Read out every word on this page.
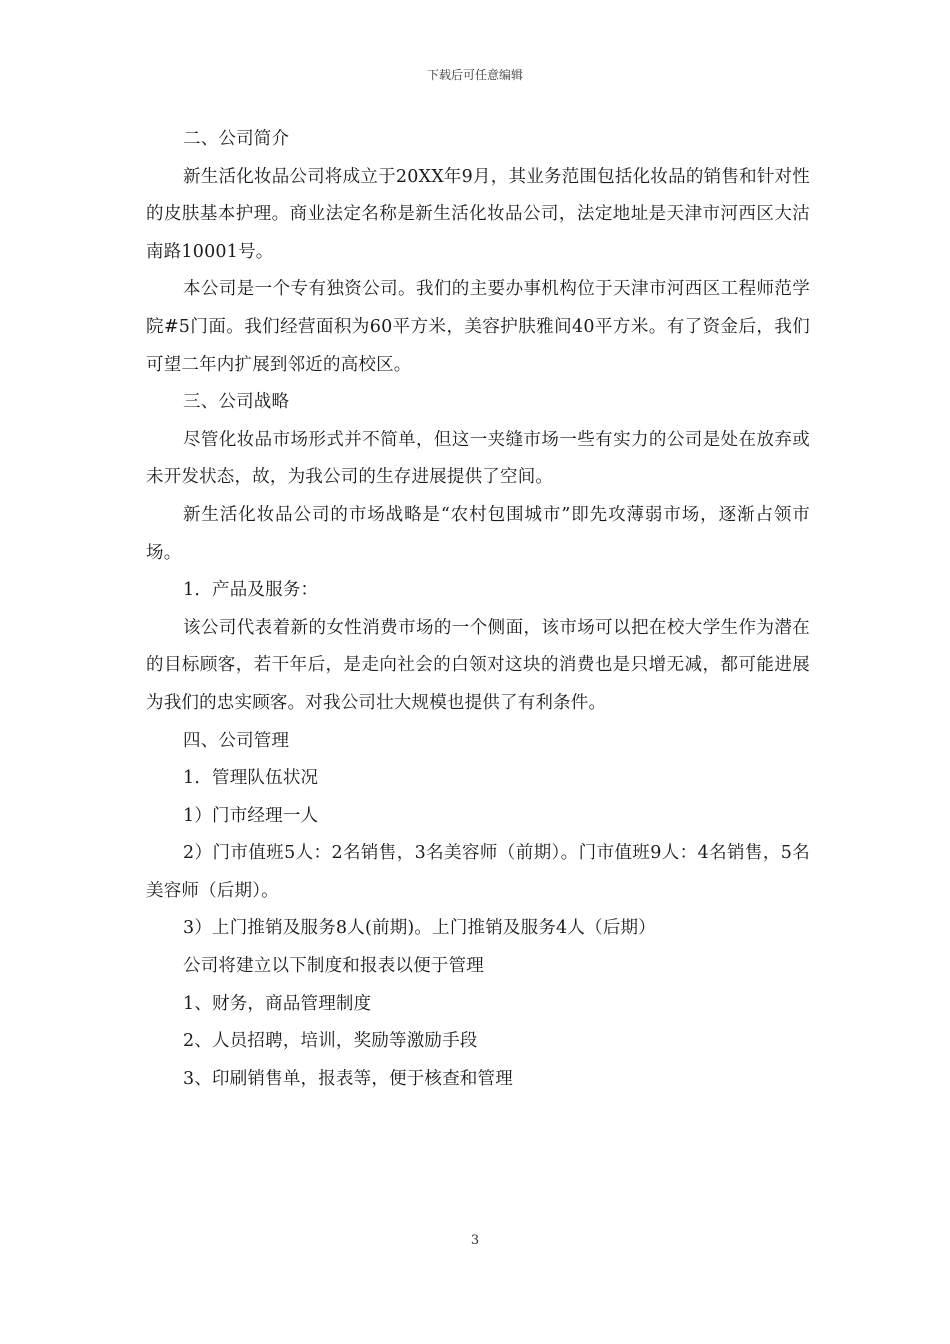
下载后可任意编辑

二、公司简介

新生活化妆品公司将成立于20XX年9月，其业务范围包括化妆品的销售和针对性的皮肤基本护理。商业法定名称是新生活化妆品公司，法定地址是天津市河西区大沽南路10001号。

本公司是一个专有独资公司。我们的主要办事机构位于天津市河西区工程师范学院#5门面。我们经营面积为60平方米，美容护肤雅间40平方米。有了资金后，我们可望二年内扩展到邻近的高校区。

三、公司战略

尽管化妆品市场形式并不简单，但这一夹缝市场一些有实力的公司是处在放弃或未开发状态，故，为我公司的生存进展提供了空间。

新生活化妆品公司的市场战略是“农村包围城市”即先攻薄弱市场，逐渐占领市场。

1．产品及服务：

该公司代表着新的女性消费市场的一个侧面，该市场可以把在校大学生作为潜在的目标顾客，若干年后，是走向社会的白领对这块的消费也是只增无减，都可能进展为我们的忠实顾客。对我公司壮大规模也提供了有利条件。

四、公司管理

1．管理队伍状况

1）门市经理一人

2）门市值班5人：2名销售，3名美容师（前期）。门市值班9人：4名销售，5名美容师（后期）。

3）上门推销及服务8人(前期)。上门推销及服务4人（后期）

公司将建立以下制度和报表以便于管理

1、财务，商品管理制度

2、人员招聘，培训，奖励等激励手段

3、印刷销售单，报表等，便于核查和管理

3
